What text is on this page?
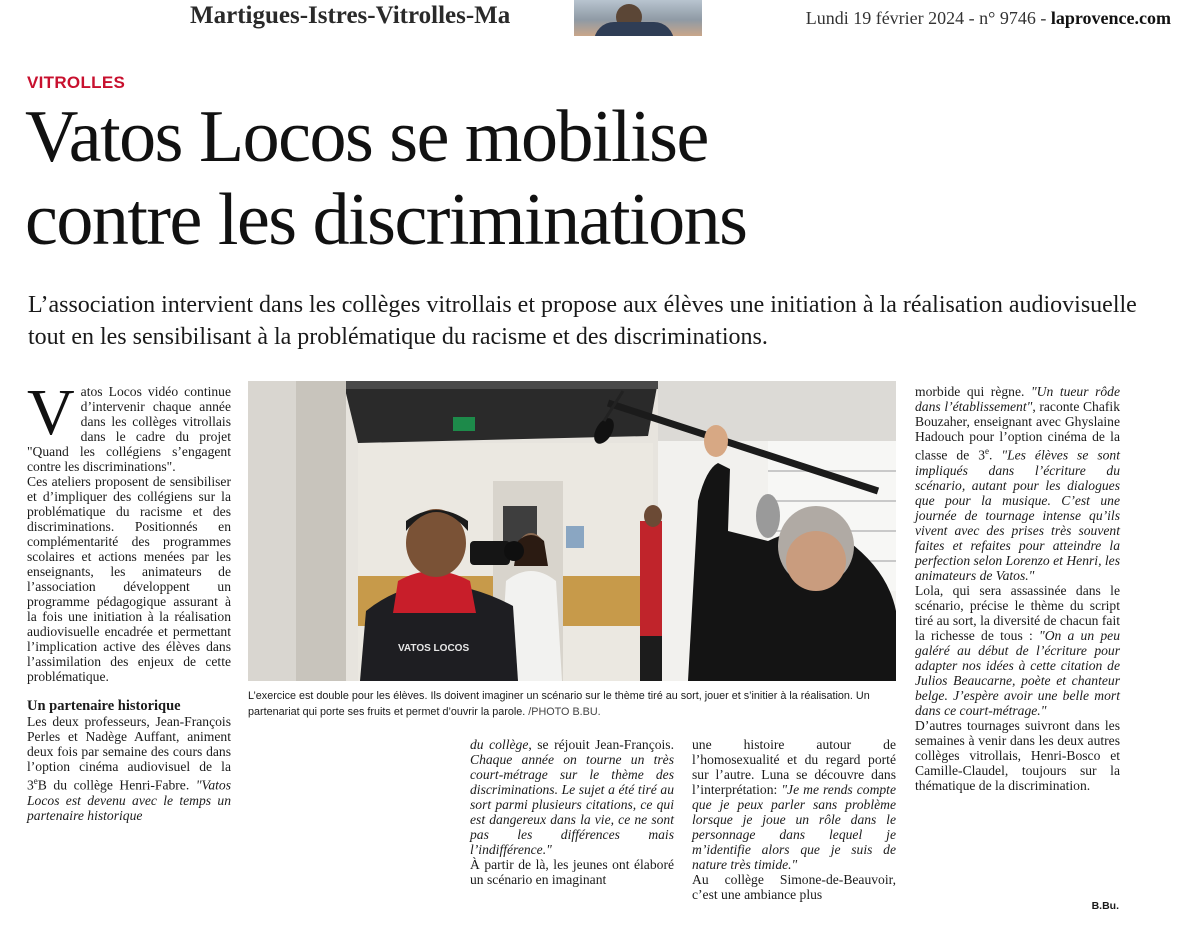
Martigues-Istres-Vitrolles-Ma	Lundi 19 février 2024 - n° 9746 - laprovence.com
VITROLLES
Vatos Locos se mobilise
contre les discriminations
L’association intervient dans les collèges vitrollais et propose aux élèves une initiation à la réalisation audiovisuelle tout en les sensibilisant à la problématique du racisme et des discriminations.

Vatos Locos vidéo continue d’intervenir chaque année dans les collèges vitrollais dans le cadre du projet "Quand les collégiens s’engagent contre les discriminations".

Ces ateliers proposent de sensibiliser et d’impliquer des collégiens sur la problématique du racisme et des discriminations. Positionnés en complémentarité des programmes scolaires et actions menées par les enseignants, les animateurs de l’association développent un programme pédagogique assurant à la fois une initiation à la réalisation audiovisuelle encadrée et permettant l’implication active des élèves dans l’assimilation des enjeux de cette problématique.

Un partenaire historique

Les deux professeurs, Jean-François Perles et Nadège Auffant, animent deux fois par semaine des cours dans l’option cinéma audiovisuel de la 3eB du collège Henri-Fabre. "Vatos Locos est devenu avec le temps un partenaire historique

VATOS LOCOS
L’exercice est double pour les élèves. Ils doivent imaginer un scénario sur le thème tiré au sort, jouer et s’initier à la réalisation. Un partenariat qui porte ses fruits et permet d’ouvrir la parole. /PHOTO B.BU.

du collège, se réjouit Jean-François. Chaque année on tourne un très court-métrage sur le thème des discriminations. Le sujet a été tiré au sort parmi plusieurs citations, ce qui est dangereux dans la vie, ce ne sont pas les différences mais l’indifférence."

À partir de là, les jeunes ont élaboré un scénario en imaginant

une histoire autour de l’homosexualité et du regard porté sur l’autre. Luna se découvre dans l’interprétation: "Je me rends compte que je peux parler sans problème lorsque je joue un rôle dans le personnage dans lequel je m’identifie alors que je suis de nature très timide."

Au collège Simone-de-Beauvoir, c’est une ambiance plus

morbide qui règne. "Un tueur rôde dans l’établissement", raconte Chafik Bouzaher, enseignant avec Ghyslaine Hadouch pour l’option cinéma de la classe de 3e. "Les élèves se sont impliqués dans l’écriture du scénario, autant pour les dialogues que pour la musique. C’est une journée de tournage intense qu’ils vivent avec des prises très souvent faites et refaites pour atteindre la perfection selon Lorenzo et Henri, les animateurs de Vatos."

Lola, qui sera assassinée dans le scénario, précise le thème du script tiré au sort, la diversité de chacun fait la richesse de tous : "On a un peu galéré au début de l’écriture pour adapter nos idées à cette citation de Julios Beaucarne, poète et chanteur belge. J’espère avoir une belle mort dans ce court-métrage."

D’autres tournages suivront dans les semaines à venir dans les deux autres collèges vitrollais, Henri-Bosco et Camille-Claudel, toujours sur la thématique de la discrimination.

B.Bu.
